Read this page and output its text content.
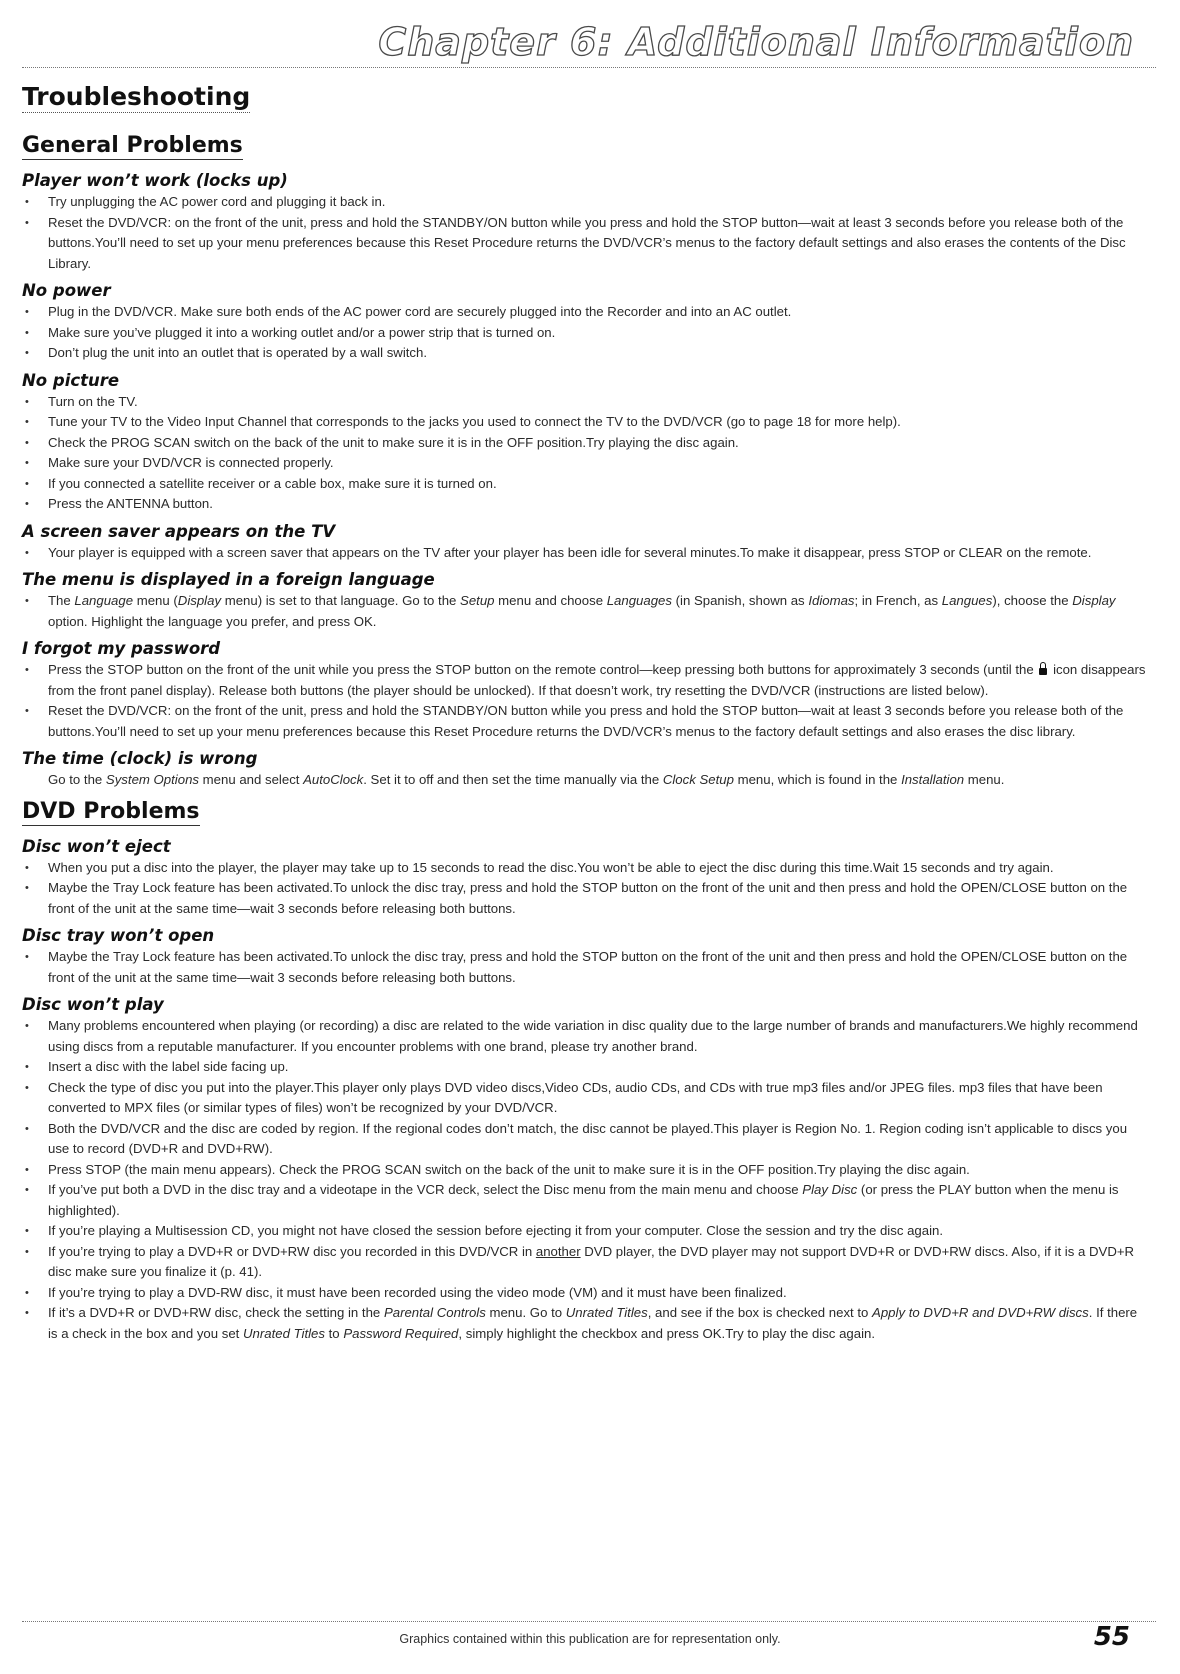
Chapter 6: Additional Information
Troubleshooting
General Problems
Player won’t work (locks up)
• Try unplugging the AC power cord and plugging it back in.
• Reset the DVD/VCR: on the front of the unit, press and hold the STANDBY/ON button while you press and hold the STOP button—wait at least 3 seconds before you release both of the buttons.You’ll need to set up your menu preferences because this Reset Procedure returns the DVD/VCR’s menus to the factory default settings and also erases the contents of the Disc Library.
No power
• Plug in the DVD/VCR. Make sure both ends of the AC power cord are securely plugged into the Recorder and into an AC outlet.
• Make sure you’ve plugged it into a working outlet and/or a power strip that is turned on.
• Don’t plug the unit into an outlet that is operated by a wall switch.
No picture
• Turn on the TV.
• Tune your TV to the Video Input Channel that corresponds to the jacks you used to connect the TV to the DVD/VCR (go to page 18 for more help).
• Check the PROG SCAN switch on the back of the unit to make sure it is in the OFF position.Try playing the disc again.
• Make sure your DVD/VCR is connected properly.
• If you connected a satellite receiver or a cable box, make sure it is turned on.
• Press the ANTENNA button.
A screen saver appears on the TV
• Your player is equipped with a screen saver that appears on the TV after your player has been idle for several minutes.To make it disappear, press STOP or CLEAR on the remote.
The menu is displayed in a foreign language
• The Language menu (Display menu) is set to that language. Go to the Setup menu and choose Languages (in Spanish, shown as Idiomas; in French, as Langues), choose the Display option. Highlight the language you prefer, and press OK.
I forgot my password
• Press the STOP button on the front of the unit while you press the STOP button on the remote control—keep pressing both buttons for approximately 3 seconds (until the icon disappears from the front panel display). Release both buttons (the player should be unlocked). If that doesn’t work, try resetting the DVD/VCR (instructions are listed below).
• Reset the DVD/VCR: on the front of the unit, press and hold the STANDBY/ON button while you press and hold the STOP button—wait at least 3 seconds before you release both of the buttons.You’ll need to set up your menu preferences because this Reset Procedure returns the DVD/VCR’s menus to the factory default settings and also erases the disc library.
The time (clock) is wrong

Go to the System Options menu and select AutoClock. Set it to off and then set the time manually via the Clock Setup menu, which is found in the Installation menu.

DVD Problems
Disc won’t eject
• When you put a disc into the player, the player may take up to 15 seconds to read the disc.You won’t be able to eject the disc during this time.Wait 15 seconds and try again.
• Maybe the Tray Lock feature has been activated.To unlock the disc tray, press and hold the STOP button on the front of the unit and then press and hold the OPEN/CLOSE button on the front of the unit at the same time—wait 3 seconds before releasing both buttons.
Disc tray won’t open
• Maybe the Tray Lock feature has been activated.To unlock the disc tray, press and hold the STOP button on the front of the unit and then press and hold the OPEN/CLOSE button on the front of the unit at the same time—wait 3 seconds before releasing both buttons.
Disc won’t play
• Many problems encountered when playing (or recording) a disc are related to the wide variation in disc quality due to the large number of brands and manufacturers.We highly recommend using discs from a reputable manufacturer. If you encounter problems with one brand, please try another brand.
• Insert a disc with the label side facing up.
• Check the type of disc you put into the player.This player only plays DVD video discs,Video CDs, audio CDs, and CDs with true mp3 files and/or JPEG files. mp3 files that have been converted to MPX files (or similar types of files) won’t be recognized by your DVD/VCR.
• Both the DVD/VCR and the disc are coded by region. If the regional codes don’t match, the disc cannot be played.This player is Region No. 1. Region coding isn’t applicable to discs you use to record (DVD+R and DVD+RW).
• Press STOP (the main menu appears). Check the PROG SCAN switch on the back of the unit to make sure it is in the OFF position.Try playing the disc again.
• If you’ve put both a DVD in the disc tray and a videotape in the VCR deck, select the Disc menu from the main menu and choose Play Disc (or press the PLAY button when the menu is highlighted).
• If you’re playing a Multisession CD, you might not have closed the session before ejecting it from your computer. Close the session and try the disc again.
• If you’re trying to play a DVD+R or DVD+RW disc you recorded in this DVD/VCR in another DVD player, the DVD player may not support DVD+R or DVD+RW discs. Also, if it is a DVD+R disc make sure you finalize it (p. 41).
• If you’re trying to play a DVD-RW disc, it must have been recorded using the video mode (VM) and it must have been finalized.
• If it’s a DVD+R or DVD+RW disc, check the setting in the Parental Controls menu. Go to Unrated Titles, and see if the box is checked next to Apply to DVD+R and DVD+RW discs. If there is a check in the box and you set Unrated Titles to Password Required, simply highlight the checkbox and press OK.Try to play the disc again.
Graphics contained within this publication are for representation only.	55
